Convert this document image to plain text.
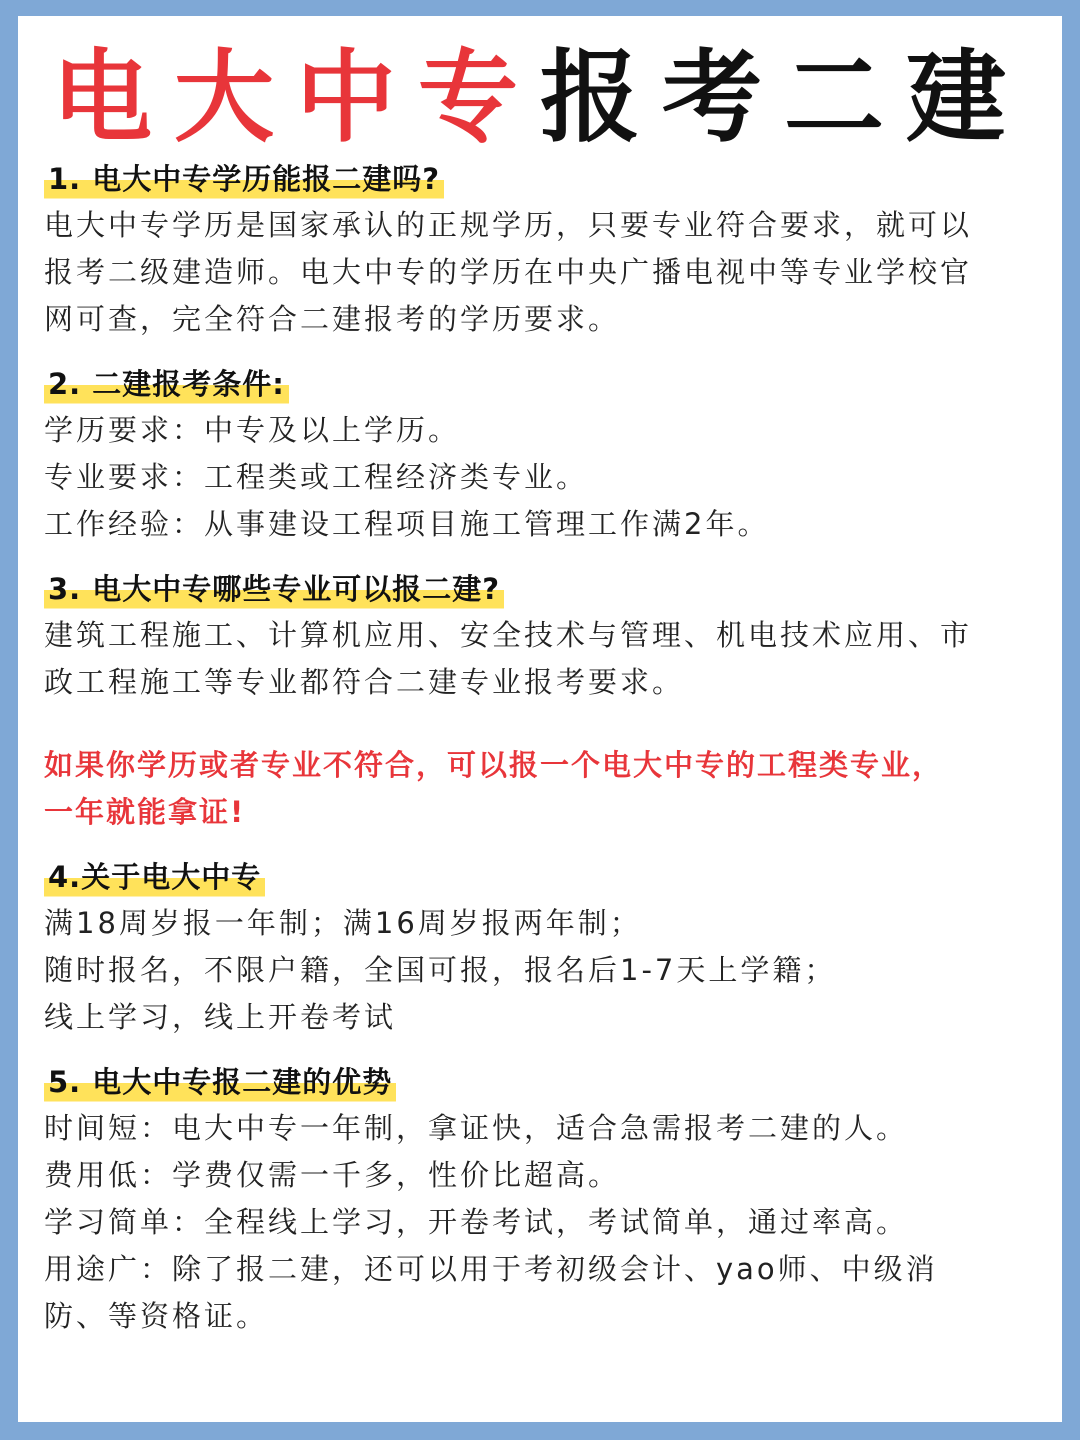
电大中专报考二建
1. 电大中专学历能报二建吗?
电大中专学历是国家承认的正规学历，只要专业符合要求，就可以
报考二级建造师。电大中专的学历在中央广播电视中等专业学校官
网可查，完全符合二建报考的学历要求。
2. 二建报考条件:
学历要求：中专及以上学历。
专业要求：工程类或工程经济类专业。
工作经验：从事建设工程项目施工管理工作满2年。
3. 电大中专哪些专业可以报二建?
建筑工程施工、计算机应用、安全技术与管理、机电技术应用、市
政工程施工等专业都符合二建专业报考要求。
如果你学历或者专业不符合，可以报一个电大中专的工程类专业，
一年就能拿证!
4.关于电大中专
满18周岁报一年制；满16周岁报两年制；
随时报名，不限户籍，全国可报，报名后1-7天上学籍；
线上学习，线上开卷考试
5. 电大中专报二建的优势
时间短：电大中专一年制，拿证快，适合急需报考二建的人。
费用低：学费仅需一千多，性价比超高。
学习简单：全程线上学习，开卷考试，考试简单，通过率高。
用途广：除了报二建，还可以用于考初级会计、yao师、中级消
防、等资格证。
